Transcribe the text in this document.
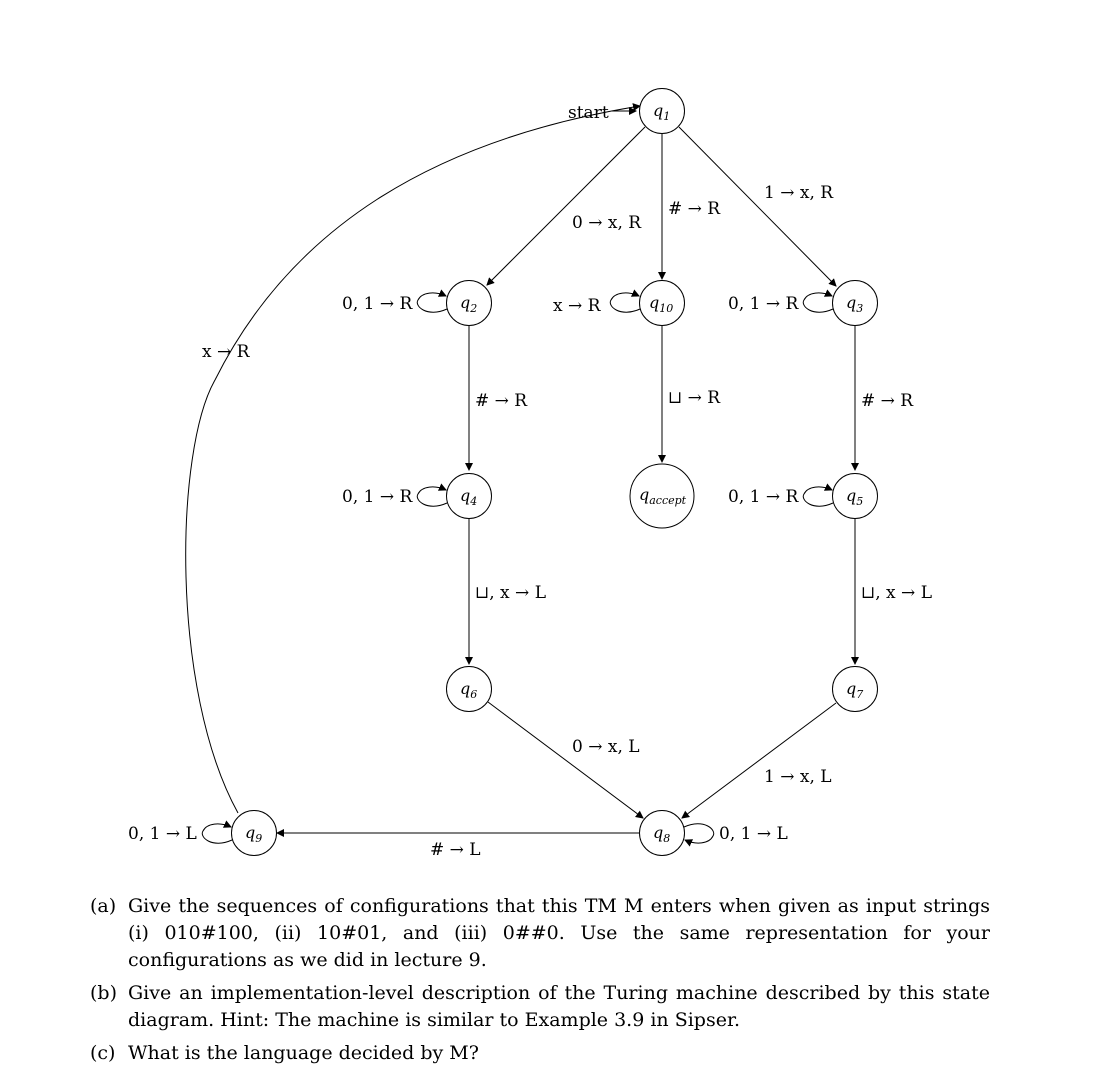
start	$q_1$
$q_2$	$q_{10}$	$q_3$
$q_4$	$q_{accept}$	$q_5$
$q_6$	$q_7$
$q_8$
$q_9$
0 → x, R
# → R
1 → x, R
0, 1 → R	x → R	0, 1 → R
x → R
# → R	⊔ → R	# → R
0, 1 → R	0, 1 → R
⊔, x → L	⊔, x → L
0 → x, L
1 → x, L
0, 1 → L	0, 1 → L
# → L
(a) Give the sequences of configurations that this TM M enters when given as input strings (i) 010#100, (ii) 10#01, and (iii) 0##0. Use the same representation for your configurations as we did in lecture 9.
(b) Give an implementation-level description of the Turing machine described by this state diagram. Hint: The machine is similar to Example 3.9 in Sipser.
(c) What is the language decided by M?
